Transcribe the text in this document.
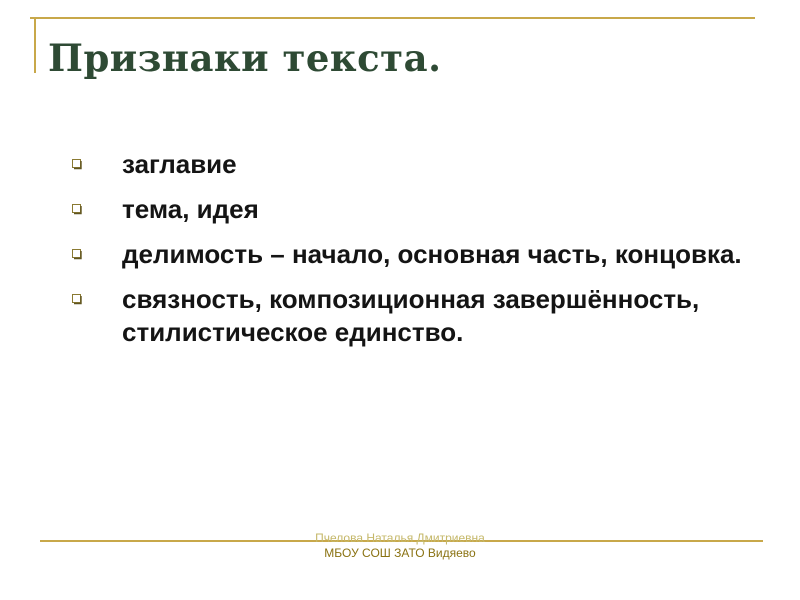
Признаки текста.
заглавие
тема, идея
делимость – начало, основная часть, концовка.
связность, композиционная завершённость, стилистическое единство.
Пчелова Наталья Дмитриевна
МБОУ СОШ ЗАТО Видяево
